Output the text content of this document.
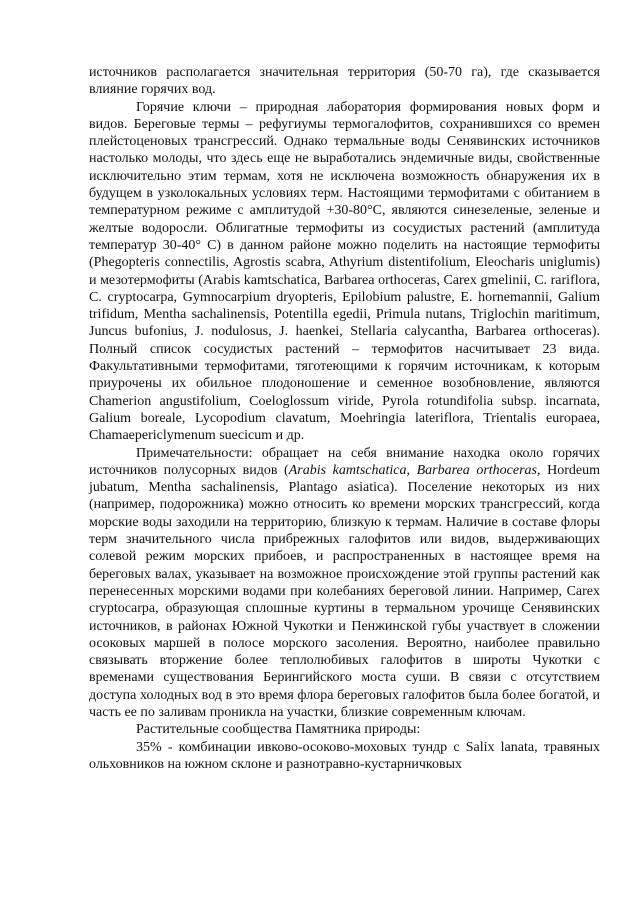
источников располагается значительная территория (50-70 га), где сказывается влияние горячих вод.

Горячие ключи – природная лаборатория формирования новых форм и видов. Береговые термы – рефугиумы термогалофитов, сохранившихся со времен плейстоценовых трансгрессий. Однако термальные воды Сенявинских источников настолько молоды, что здесь еще не выработались эндемичные виды, свойственные исключительно этим термам, хотя не исключена возможность обнаружения их в будущем в узколокальных условиях терм. Настоящими термофитами с обитанием в температурном режиме с амплитудой +30-80°С, являются синезеленые, зеленые и желтые водоросли. Облигатные термофиты из сосудистых растений (амплитуда температур 30-40° С) в данном районе можно поделить на настоящие термофиты (Phegopteris connectilis, Agrostis scabra, Athyrium distentifolium, Eleocharis uniglumis) и мезотермофиты (Arabis kamtschatica, Barbarea orthoceras, Carex gmelinii, C. rariflora, C. cryptocarpa, Gymnocarpium dryopteris, Epilobium palustre, E. hornemannii, Galium trifidum, Mentha sachalinensis, Potentilla egedii, Primula nutans, Triglochin maritimum, Juncus bufonius, J. nodulosus, J. haenkei, Stellaria calycantha, Barbarea orthoceras). Полный список сосудистых растений – термофитов насчитывает 23 вида. Факультативными термофитами, тяготеющими к горячим источникам, к которым приурочены их обильное плодоношение и семенное возобновление, являются Chamerion angustifolium, Coeloglossum viride, Pyrola rotundifolia subsp. incarnata, Galium boreale, Lycopodium clavatum, Moehringia lateriflora, Trientalis europaea, Chamaepericlymenum suecicum и др.

Примечательности: обращает на себя внимание находка около горячих источников полусорных видов (Arabis kamtschatica, Barbarea orthoceras, Hordeum jubatum, Mentha sachalinensis, Plantago asiatica). Поселение некоторых из них (например, подорожника) можно относить ко времени морских трансгрессий, когда морские воды заходили на территорию, близкую к термам. Наличие в составе флоры терм значительного числа прибрежных галофитов или видов, выдерживающих солевой режим морских прибоев, и распространенных в настоящее время на береговых валах, указывает на возможное происхождение этой группы растений как перенесенных морскими водами при колебаниях береговой линии. Например, Carex cryptocarpa, образующая сплошные куртины в термальном урочище Сенявинских источников, в районах Южной Чукотки и Пенжинской губы участвует в сложении осоковых маршей в полосе морского засоления. Вероятно, наиболее правильно связывать вторжение более теплолюбивых галофитов в широты Чукотки с временами существования Берингийского моста суши. В связи с отсутствием доступа холодных вод в это время флора береговых галофитов была более богатой, и часть ее по заливам проникла на участки, близкие современным ключам.

Растительные сообщества Памятника природы:

35% - комбинации ивково-осоково-моховых тундр с Salix lanata, травяных ольховников на южном склоне и разнотравно-кустарничковых
